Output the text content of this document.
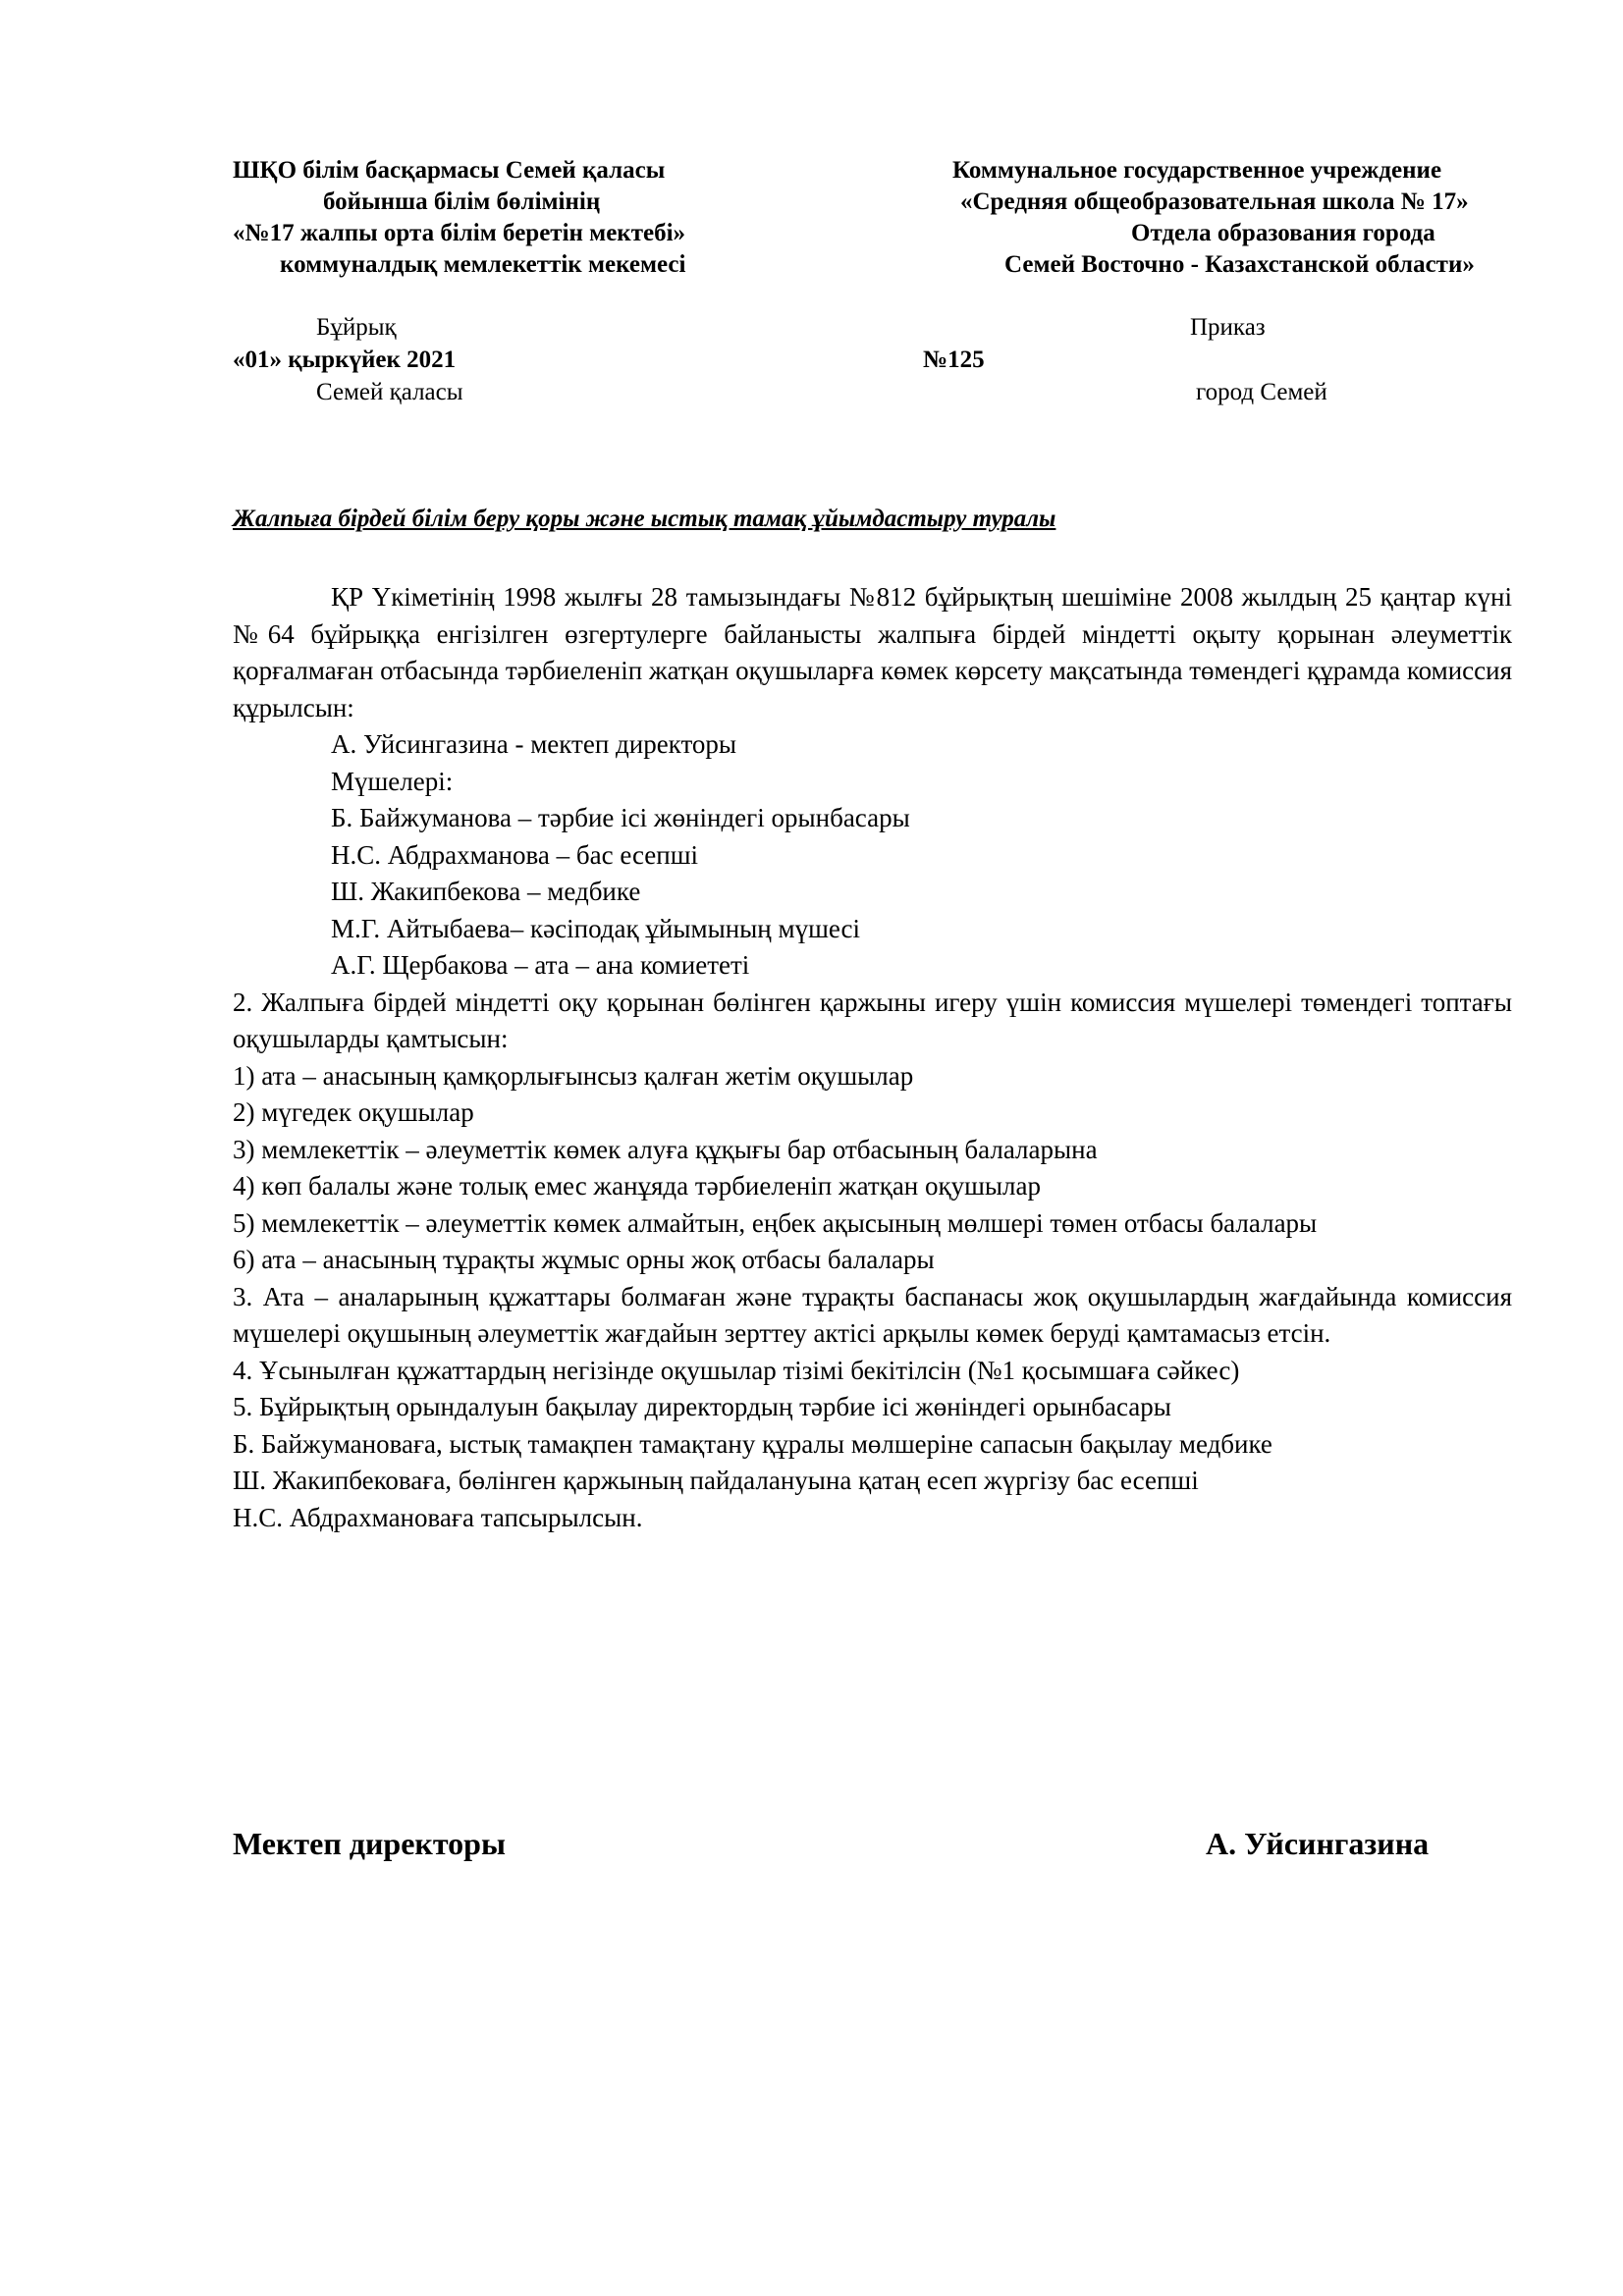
ШҚО білім басқармасы Семей қаласы
бойынша білім бөлімінің
«№17 жалпы орта білім беретін мектебі»
коммуналдық мемлекеттік мекемесі
Коммунальное государственное учреждение
«Средняя общеобразовательная школа № 17»
Отдела образования города
Семей Восточно - Казахстанской области»
Бұйрық	Приказ
«01» қыркүйек 2021	№125
Семей қаласы	город Семей
Жалпыға бірдей білім беру қоры және ыстық тамақ ұйымдастыру туралы

ҚР Үкіметінің 1998 жылғы 28 тамызындағы №812 бұйрықтың шешіміне 2008 жылдың 25 қаңтар күні №64 бұйрыққа енгізілген өзгертулерге байланысты жалпыға бірдей міндетті оқыту қорынан әлеуметтік қорғалмаған отбасында тәрбиеленіп жатқан оқушыларға көмек көрсету мақсатында төмендегі құрамда комиссия құрылсын:

А. Уйсингазина - мектеп директоры

Мүшелері:

Б. Байжуманова – тәрбие ісі жөніндегі орынбасары

Н.С. Абдрахманова – бас есепші

Ш. Жакипбекова – медбике

М.Г. Айтыбаева– кәсіподақ ұйымының мүшесі

А.Г. Щербакова – ата – ана комиететі

2. Жалпыға бірдей міндетті оқу қорынан бөлінген қаржыны игеру үшін комиссия мүшелері төмендегі топтағы оқушыларды қамтысын:

1) ата – анасының қамқорлығынсыз қалған жетім оқушылар

2) мүгедек оқушылар

3) мемлекеттік – әлеуметтік көмек алуға құқығы бар отбасының балаларына

4) көп балалы және толық емес жанұяда тәрбиеленіп жатқан оқушылар

5) мемлекеттік – әлеуметтік көмек алмайтын, еңбек ақысының мөлшері төмен отбасы балалары

6) ата – анасының тұрақты жұмыс орны жоқ отбасы балалары

3. Ата – аналарының құжаттары болмаған және тұрақты баспанасы жоқ оқушылардың жағдайында комиссия мүшелері оқушының әлеуметтік жағдайын зерттеу актісі арқылы көмек беруді қамтамасыз етсін.

4. Ұсынылған құжаттардың негізінде оқушылар тізімі бекітілсін (№1 қосымшаға сәйкес)

5. Бұйрықтың орындалуын бақылау директордың тәрбие ісі жөніндегі орынбасары

Б. Байжумановаға, ыстық тамақпен тамақтану құралы мөлшеріне сапасын бақылау медбике

Ш. Жакипбековаға, бөлінген қаржының пайдалануына қатаң есеп жүргізу бас есепші

Н.С. Абдрахмановаға тапсырылсын.

Мектеп директоры	А. Уйсингазина
